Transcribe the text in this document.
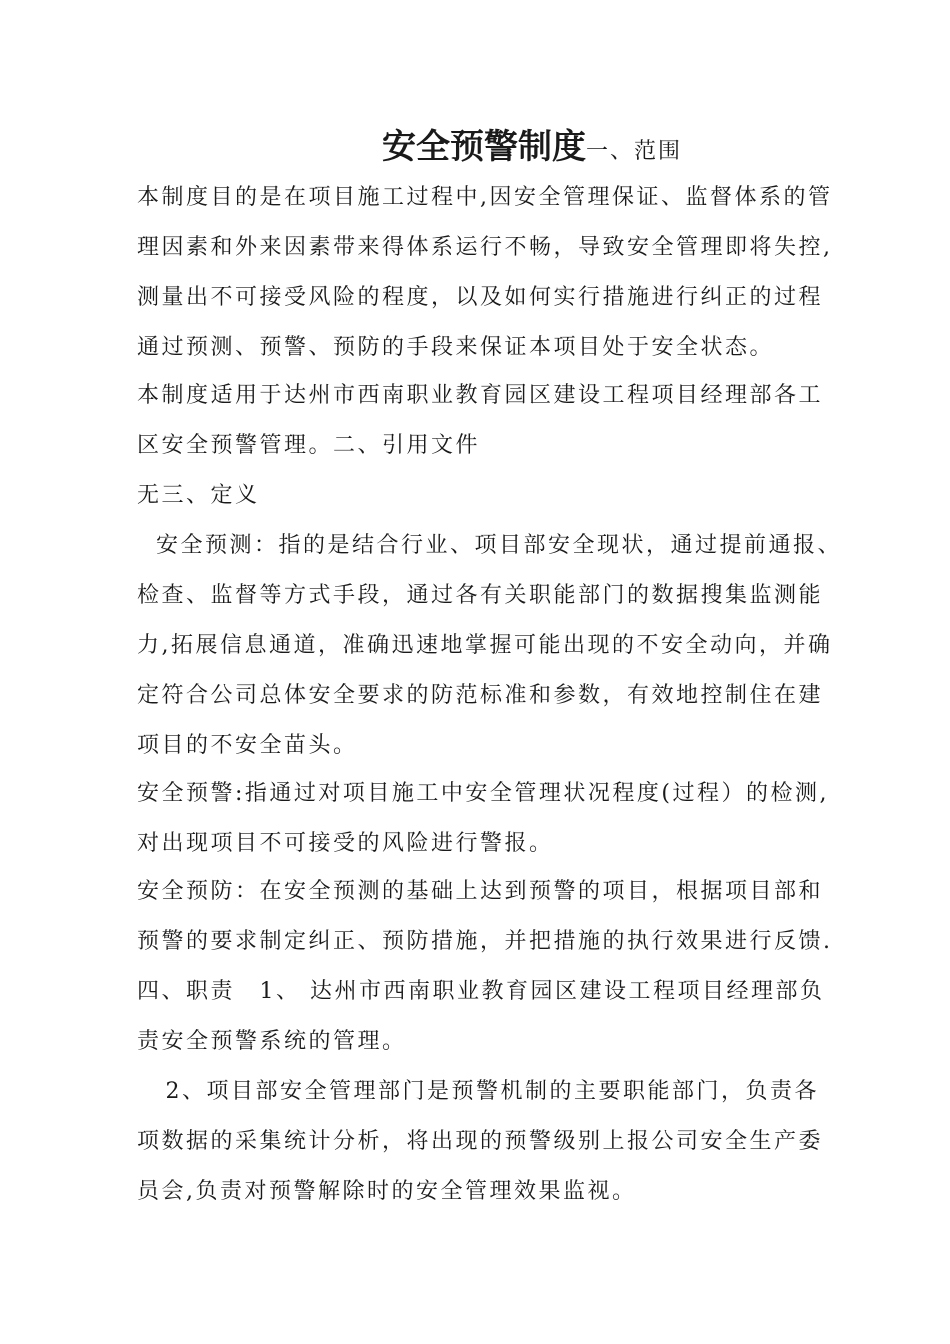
安全预警制度一、范围
本制度目的是在项目施工过程中,因安全管理保证、监督体系的管
理因素和外来因素带来得体系运行不畅，导致安全管理即将失控,
测量出不可接受风险的程度，以及如何实行措施进行纠正的过程
通过预测、预警、预防的手段来保证本项目处于安全状态。
本制度适用于达州市西南职业教育园区建设工程项目经理部各工
区安全预警管理。二、引用文件
无三、定义
安全预测：指的是结合行业、项目部安全现状，通过提前通报、
检查、监督等方式手段，通过各有关职能部门的数据搜集监测能
力,拓展信息通道，准确迅速地掌握可能出现的不安全动向，并确
定符合公司总体安全要求的防范标准和参数，有效地控制住在建
项目的不安全苗头。
安全预警:指通过对项目施工中安全管理状况程度(过程）的检测,
对出现项目不可接受的风险进行警报。
安全预防：在安全预测的基础上达到预警的项目，根据项目部和
预警的要求制定纠正、预防措施，并把措施的执行效果进行反馈.
四、职责　1、 达州市西南职业教育园区建设工程项目经理部负
责安全预警系统的管理。
2、项目部安全管理部门是预警机制的主要职能部门，负责各
项数据的采集统计分析，将出现的预警级别上报公司安全生产委
员会,负责对预警解除时的安全管理效果监视。
